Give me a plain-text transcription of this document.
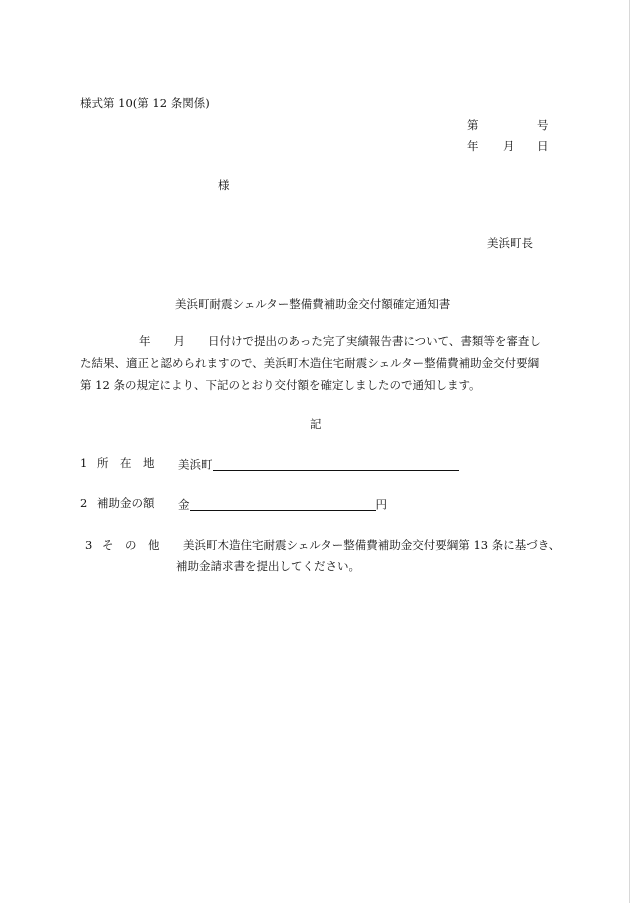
様式第 10(第 12 条関係)
第	号
年 月 日
様
美浜町長
美浜町耐震シェルター整備費補助金交付額確定通知書
年 月 日付けで提出のあった完了実績報告書について、書類等を審査し
た結果、適正と認められますので、美浜町木造住宅耐震シェルター整備費補助金交付要綱
第 12 条の規定により、下記のとおり交付額を確定しましたので通知します。
記
1 所　在　地 美浜町
2 補助金の額 金	円
3 そ　の　他 美浜町木造住宅耐震シェルター整備費補助金交付要綱第 13 条に基づき、
補助金請求書を提出してください。
